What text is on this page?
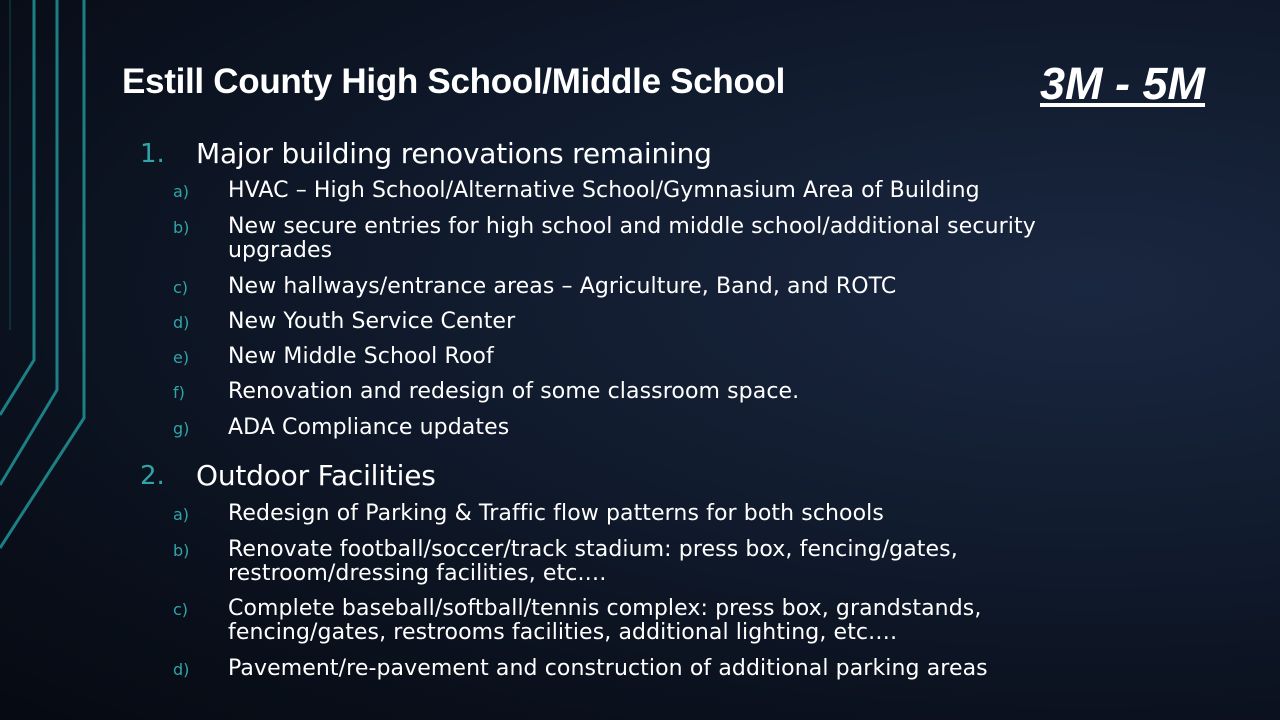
Estill County High School/Middle School	3M - 5M
1. Major building renovations remaining
a) HVAC – High School/Alternative School/Gymnasium Area of Building
b) New secure entries for high school and middle school/additional security
upgrades
c) New hallways/entrance areas – Agriculture, Band, and ROTC
d) New Youth Service Center
e) New Middle School Roof
f) Renovation and redesign of some classroom space.
g) ADA Compliance updates
2. Outdoor Facilities
a) Redesign of Parking & Traffic flow patterns for both schools
b) Renovate football/soccer/track stadium: press box, fencing/gates,
restroom/dressing facilities, etc.…
c) Complete baseball/softball/tennis complex: press box, grandstands,
fencing/gates, restrooms facilities, additional lighting, etc.…
d) Pavement/re-pavement and construction of additional parking areas
